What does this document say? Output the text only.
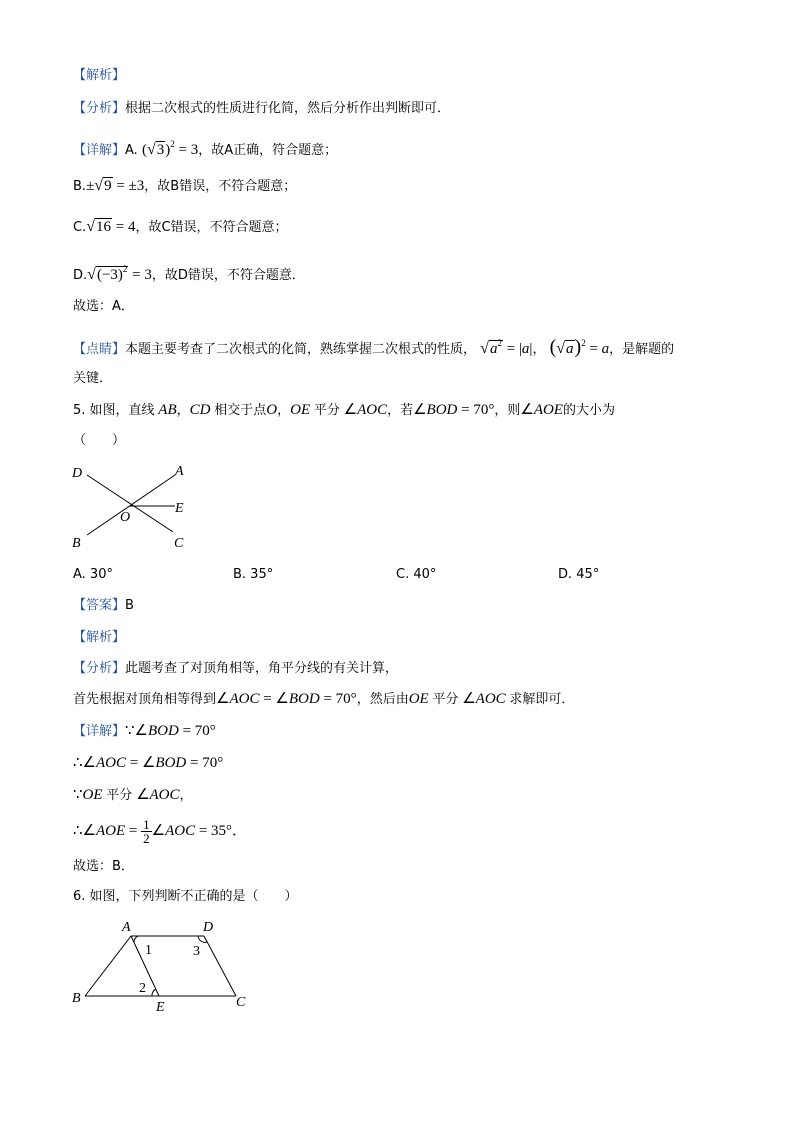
【解析】
【分析】根据二次根式的性质进行化简，然后分析作出判断即可．
【详解】A. $(√3)^2 = 3$，故A正确，符合题意；
B.±√9 = ±3，故B错误，不符合题意；
C.√16 = 4，故C错误，不符合题意；
$D.√(-3)^2 = 3$，故D错误，不符合题意．
故选：A．
【点睛】本题主要考查了二次根式的化简，熟练掌握二次根式的性质， $√a^2 = |a|$， $(√a)^2 = a$，是解题的
关键．
5. 如图，直线 AB，CD 相交于点O，OE 平分 ∠AOC，若∠BOD = 70°，则∠AOE的大小为
（　　）
D	A
E
O
B	C
A. 30°	B. 35°	C. 40°	D. 45°
【答案】B
【解析】
【分析】此题考查了对顶角相等，角平分线的有关计算，
首先根据对顶角相等得到∠AOC = ∠BOD = 70°，然后由OE 平分 ∠AOC 求解即可．
【详解】∵∠BOD = 70°
∴∠AOC = ∠BOD = 70°
∵OE 平分 ∠AOC，
∴∠AOE = $\frac{1}{2}$ ∠AOC = 35°．
故选：B．
6. 如图，下列判断不正确的是（　　）
A	D
B
E	C
1
2
3
